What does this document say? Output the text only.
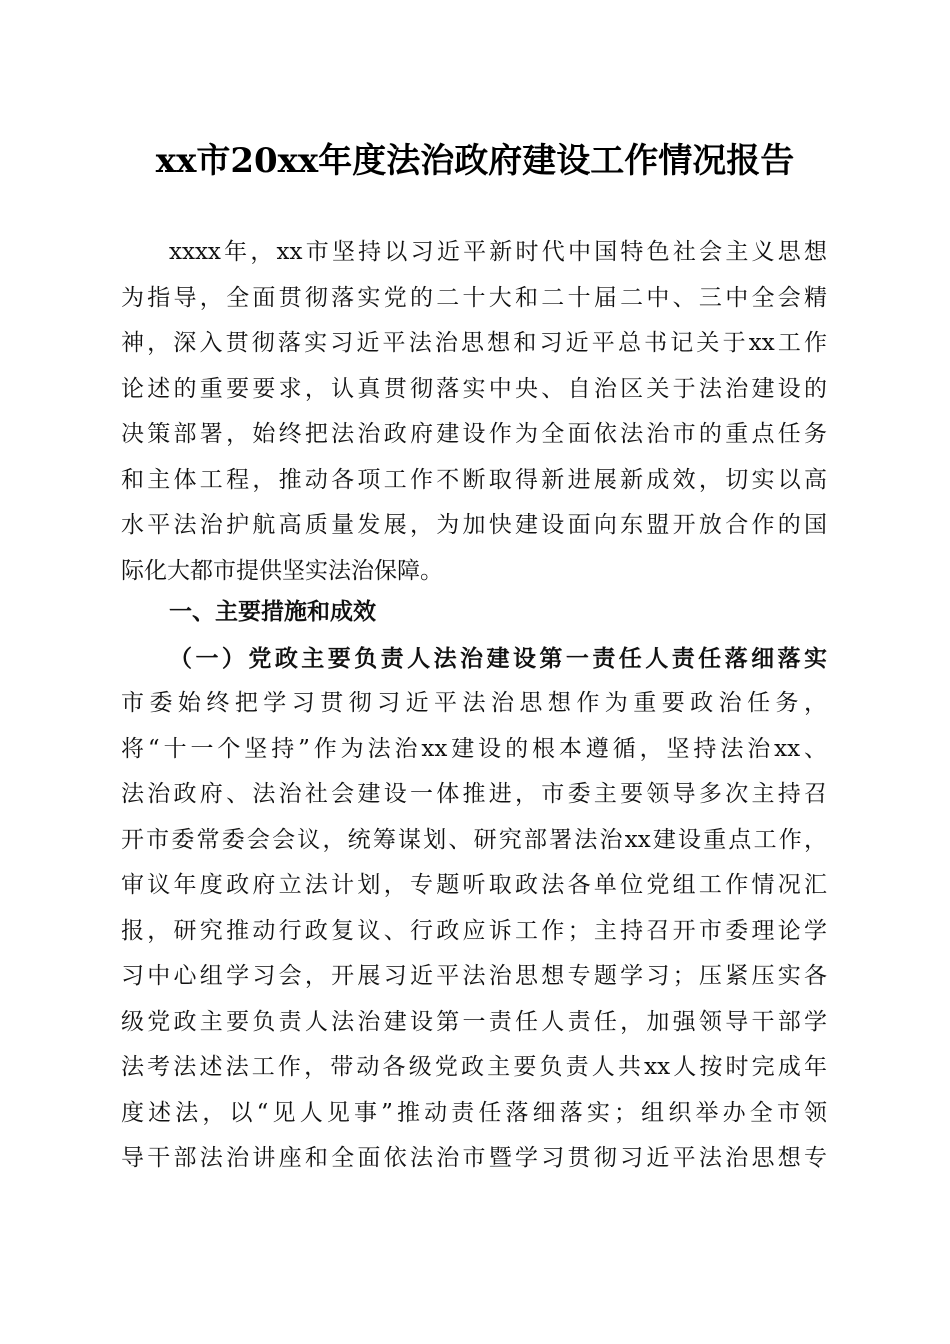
xx市20xx年度法治政府建设工作情况报告
xxxx年，xx市坚持以习近平新时代中国特色社会主义思想
为指导，全面贯彻落实党的二十大和二十届二中、三中全会精
神，深入贯彻落实习近平法治思想和习近平总书记关于xx工作
论述的重要要求，认真贯彻落实中央、自治区关于法治建设的
决策部署，始终把法治政府建设作为全面依法治市的重点任务
和主体工程，推动各项工作不断取得新进展新成效，切实以高
水平法治护航高质量发展，为加快建设面向东盟开放合作的国
际化大都市提供坚实法治保障。
一、主要措施和成效
（一）党政主要负责人法治建设第一责任人责任落细落实
市委始终把学习贯彻习近平法治思想作为重要政治任务，
将“十一个坚持”作为法治xx建设的根本遵循，坚持法治xx、
法治政府、法治社会建设一体推进，市委主要领导多次主持召
开市委常委会会议，统筹谋划、研究部署法治xx建设重点工作，
审议年度政府立法计划，专题听取政法各单位党组工作情况汇
报，研究推动行政复议、行政应诉工作；主持召开市委理论学
习中心组学习会，开展习近平法治思想专题学习；压紧压实各
级党政主要负责人法治建设第一责任人责任，加强领导干部学
法考法述法工作，带动各级党政主要负责人共xx人按时完成年
度述法，以“见人见事”推动责任落细落实；组织举办全市领
导干部法治讲座和全面依法治市暨学习贯彻习近平法治思想专
